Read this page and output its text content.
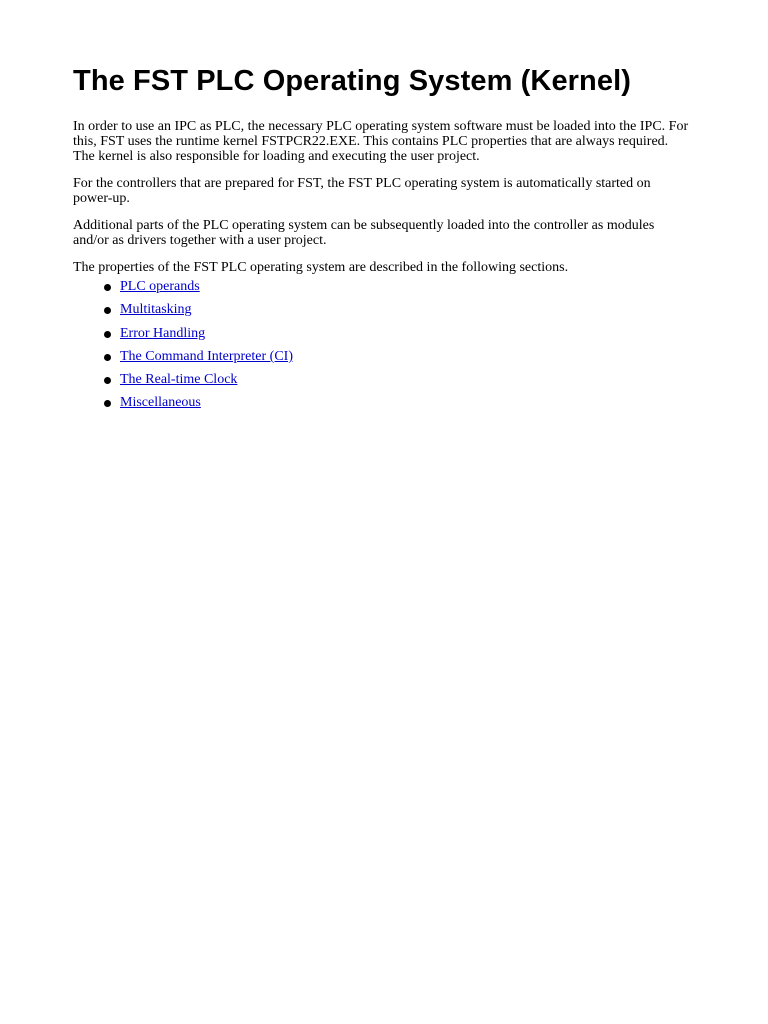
The FST PLC Operating System (Kernel)

In order to use an IPC as PLC, the necessary PLC operating system software must be loaded into the IPC. For this, FST uses the runtime kernel FSTPCR22.EXE. This contains PLC properties that are always required. The kernel is also responsible for loading and executing the user project.

For the controllers that are prepared for FST, the FST PLC operating system is automatically started on power-up.

Additional parts of the PLC operating system can be subsequently loaded into the controller as modules and/or as drivers together with a user project.

The properties of the FST PLC operating system are described in the following sections.

PLC operands
Multitasking
Error Handling
The Command Interpreter (CI)
The Real-time Clock
Miscellaneous
